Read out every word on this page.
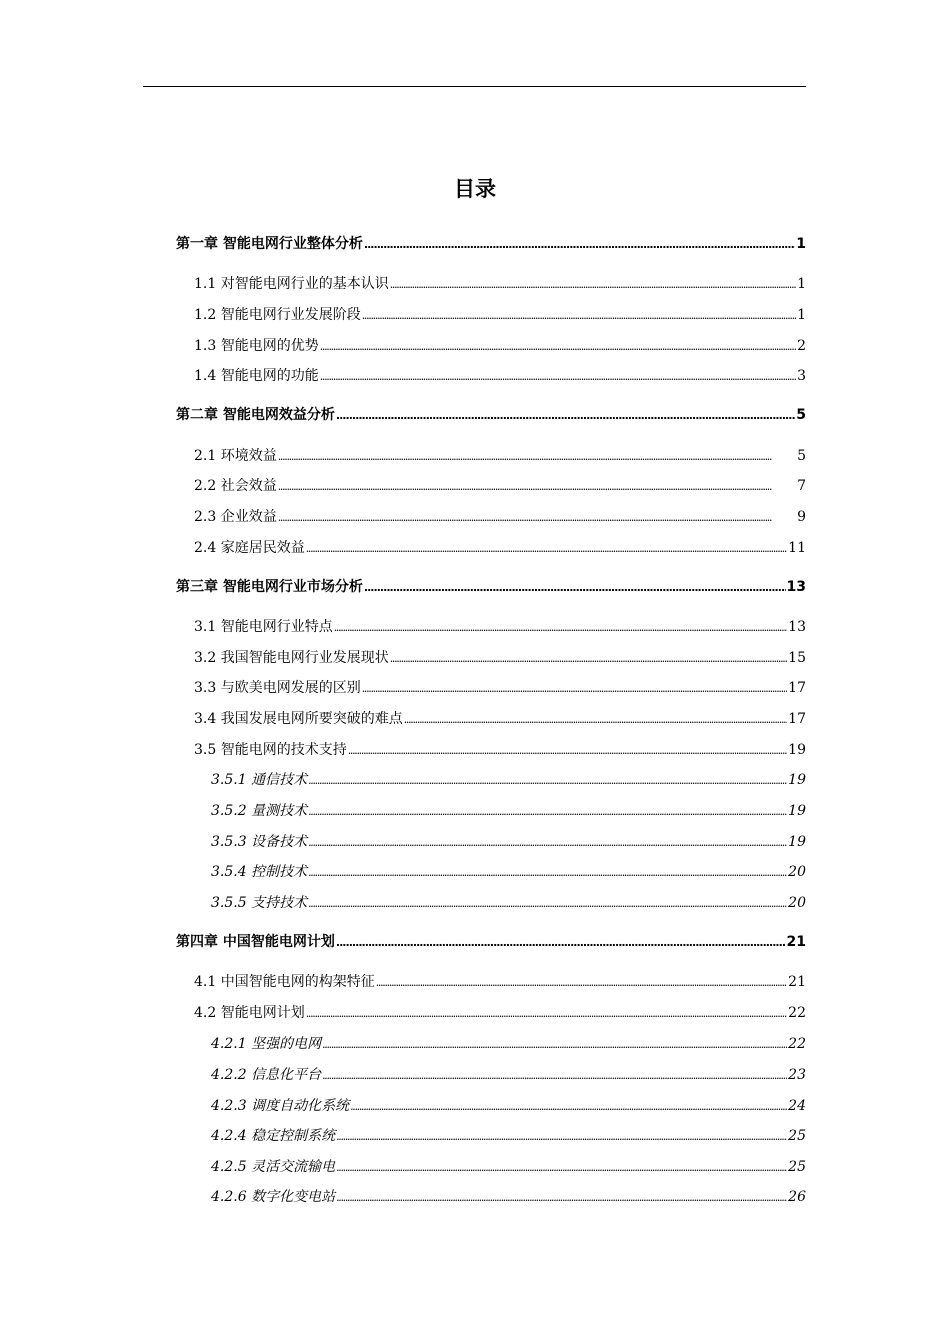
目录
第一章 智能电网行业整体分析 . . .	1
1.1 对智能电网行业的基本认识 . . .	1
1.2 智能电网行业发展阶段 . . .	1
1.3 智能电网的优势 . . .	2
1.4 智能电网的功能 . . .	3
第二章 智能电网效益分析 . . .	5
2.1 环境效益 . . .	5
2.2 社会效益 . . .	7
2.3 企业效益 . . .	9
2.4 家庭居民效益 . . .	11
第三章 智能电网行业市场分析 . . .	13
3.1 智能电网行业特点 . . .	13
3.2 我国智能电网行业发展现状 . . .	15
3.3 与欧美电网发展的区别 . . .	17
3.4 我国发展电网所要突破的难点 . . .	17
3.5 智能电网的技术支持 . . .	19
3.5.1 通信技术 . . .	19
3.5.2 量测技术 . . .	19
3.5.3 设备技术 . . .	19
3.5.4 控制技术 . . .	20
3.5.5 支持技术 . . .	20
第四章 中国智能电网计划 . . .	21
4.1 中国智能电网的构架特征 . . .	21
4.2 智能电网计划 . . .	22
4.2.1 坚强的电网 . . .	22
4.2.2 信息化平台 . . .	23
4.2.3 调度自动化系统 . . .	24
4.2.4 稳定控制系统 . . .	25
4.2.5 灵活交流输电 . . .	25
4.2.6 数字化变电站 . . .	26
